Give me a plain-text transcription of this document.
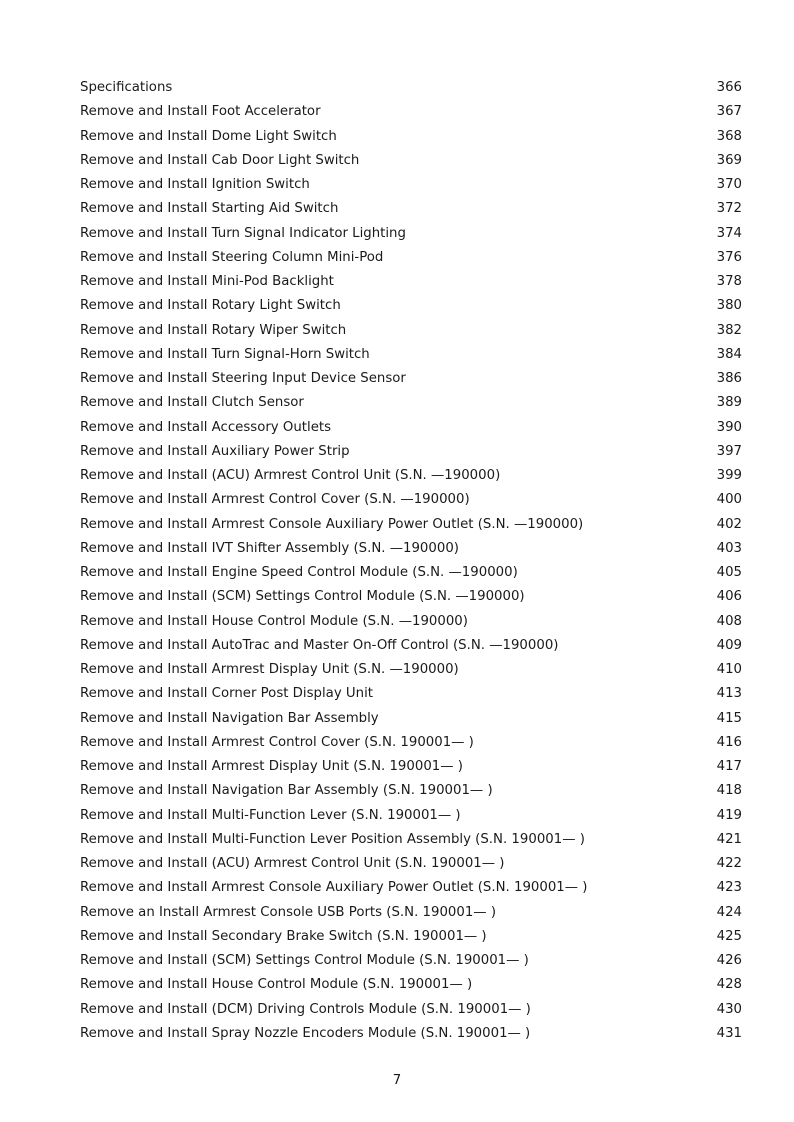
Specifications	366
Remove and Install Foot Accelerator	367
Remove and Install Dome Light Switch	368
Remove and Install Cab Door Light Switch	369
Remove and Install Ignition Switch	370
Remove and Install Starting Aid Switch	372
Remove and Install Turn Signal Indicator Lighting	374
Remove and Install Steering Column Mini-Pod	376
Remove and Install Mini-Pod Backlight	378
Remove and Install Rotary Light Switch	380
Remove and Install Rotary Wiper Switch	382
Remove and Install Turn Signal-Horn Switch	384
Remove and Install Steering Input Device Sensor	386
Remove and Install Clutch Sensor	389
Remove and Install Accessory Outlets	390
Remove and Install Auxiliary Power Strip	397
Remove and Install (ACU) Armrest Control Unit (S.N. —190000)	399
Remove and Install Armrest Control Cover (S.N. —190000)	400
Remove and Install Armrest Console Auxiliary Power Outlet (S.N. —190000)	402
Remove and Install IVT Shifter Assembly (S.N. —190000)	403
Remove and Install Engine Speed Control Module (S.N. —190000)	405
Remove and Install (SCM) Settings Control Module (S.N. —190000)	406
Remove and Install House Control Module (S.N. —190000)	408
Remove and Install AutoTrac and Master On-Off Control (S.N. —190000)	409
Remove and Install Armrest Display Unit (S.N. —190000)	410
Remove and Install Corner Post Display Unit	413
Remove and Install Navigation Bar Assembly	415
Remove and Install Armrest Control Cover (S.N. 190001— )	416
Remove and Install Armrest Display Unit (S.N. 190001— )	417
Remove and Install Navigation Bar Assembly (S.N. 190001— )	418
Remove and Install Multi-Function Lever (S.N. 190001— )	419
Remove and Install Multi-Function Lever Position Assembly (S.N. 190001— )	421
Remove and Install (ACU) Armrest Control Unit (S.N. 190001— )	422
Remove and Install Armrest Console Auxiliary Power Outlet (S.N. 190001— )	423
Remove an Install Armrest Console USB Ports (S.N. 190001— )	424
Remove and Install Secondary Brake Switch (S.N. 190001— )	425
Remove and Install (SCM) Settings Control Module (S.N. 190001— )	426
Remove and Install House Control Module (S.N. 190001— )	428
Remove and Install (DCM) Driving Controls Module (S.N. 190001— )	430
Remove and Install Spray Nozzle Encoders Module (S.N. 190001— )	431
7
